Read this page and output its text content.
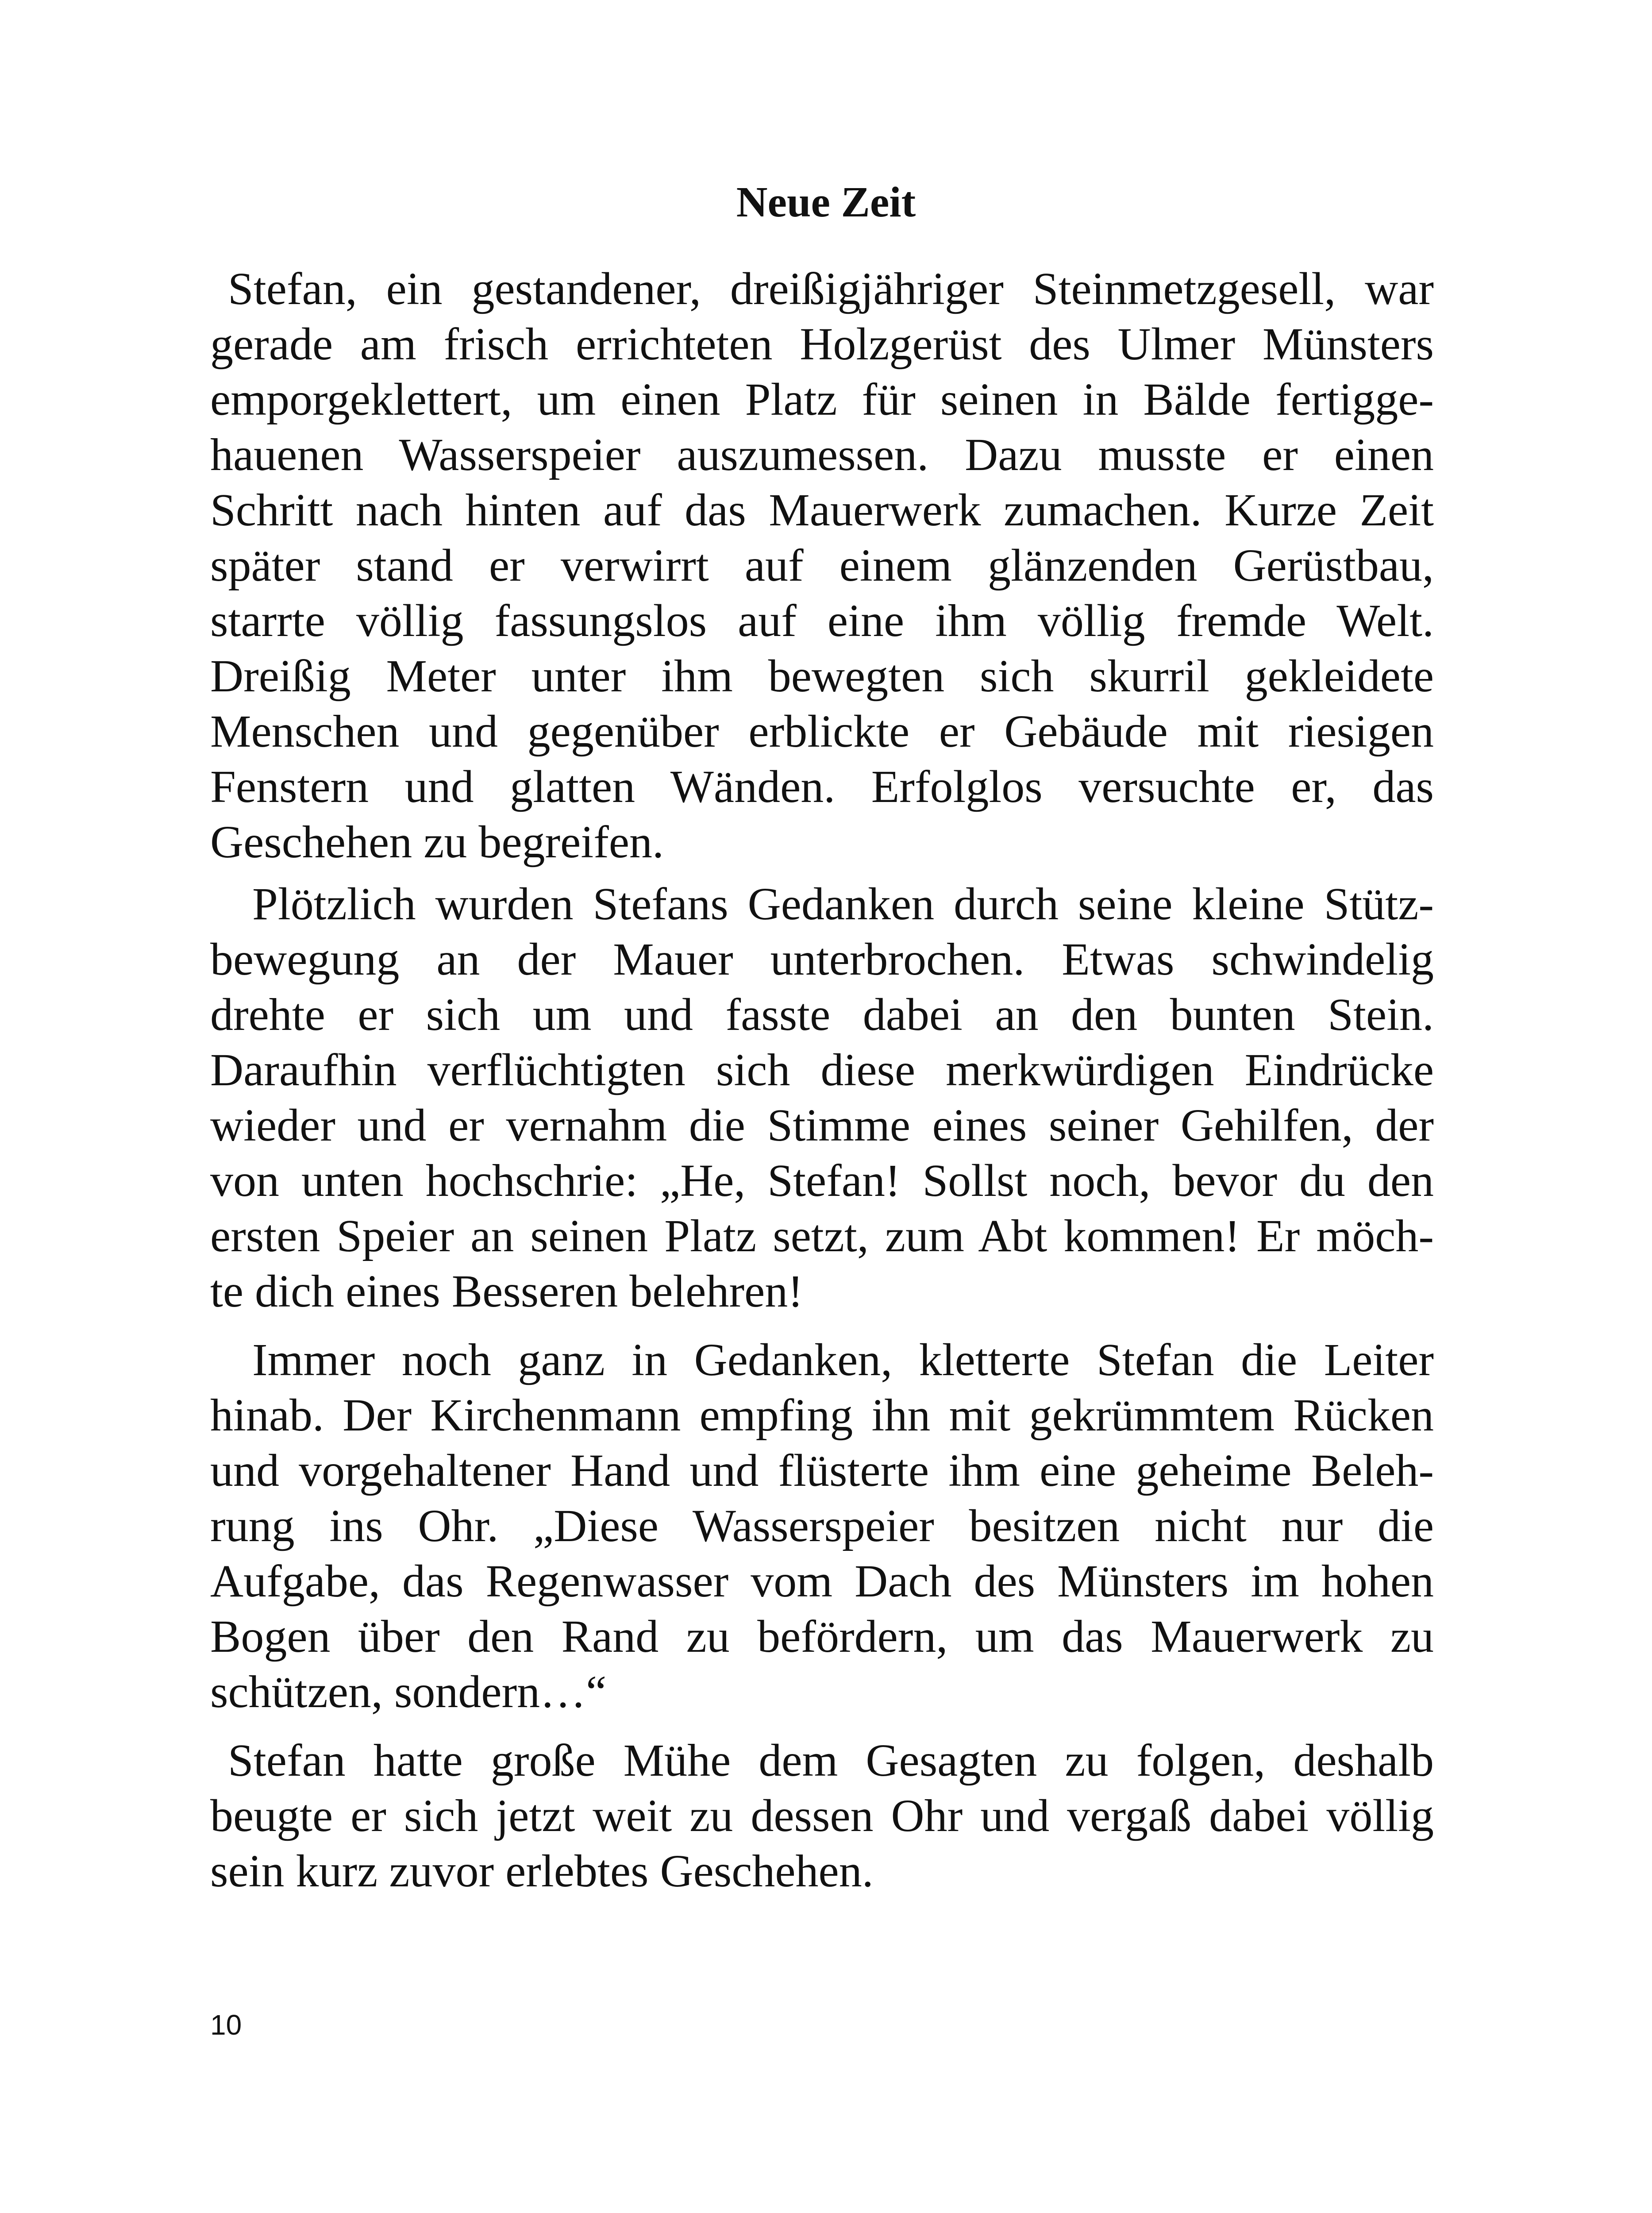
Neue Zeit
Stefan, ein gestandener, dreißigjähriger Steinmetzgesell, war
gerade am frisch errichteten Holzgerüst des Ulmer Münsters
emporgeklettert, um einen Platz für seinen in Bälde fertigge-
hauenen Wasserspeier auszumessen. Dazu musste er einen
Schritt nach hinten auf das Mauerwerk zumachen. Kurze Zeit
später stand er verwirrt auf einem glänzenden Gerüstbau,
starrte völlig fassungslos auf eine ihm völlig fremde Welt.
Dreißig Meter unter ihm bewegten sich skurril gekleidete
Menschen und gegenüber erblickte er Gebäude mit riesigen
Fenstern und glatten Wänden. Erfolglos versuchte er, das
Geschehen zu begreifen.
Plötzlich wurden Stefans Gedanken durch seine kleine Stütz-
bewegung an der Mauer unterbrochen. Etwas schwindelig
drehte er sich um und fasste dabei an den bunten Stein.
Daraufhin verflüchtigten sich diese merkwürdigen Eindrücke
wieder und er vernahm die Stimme eines seiner Gehilfen, der
von unten hochschrie: „He, Stefan! Sollst noch, bevor du den
ersten Speier an seinen Platz setzt, zum Abt kommen! Er möch-
te dich eines Besseren belehren!
Immer noch ganz in Gedanken, kletterte Stefan die Leiter
hinab. Der Kirchenmann empfing ihn mit gekrümmtem Rücken
und vorgehaltener Hand und flüsterte ihm eine geheime Beleh-
rung ins Ohr. „Diese Wasserspeier besitzen nicht nur die
Aufgabe, das Regenwasser vom Dach des Münsters im hohen
Bogen über den Rand zu befördern, um das Mauerwerk zu
schützen, sondern…“
Stefan hatte große Mühe dem Gesagten zu folgen, deshalb
beugte er sich jetzt weit zu dessen Ohr und vergaß dabei völlig
sein kurz zuvor erlebtes Geschehen.
10
